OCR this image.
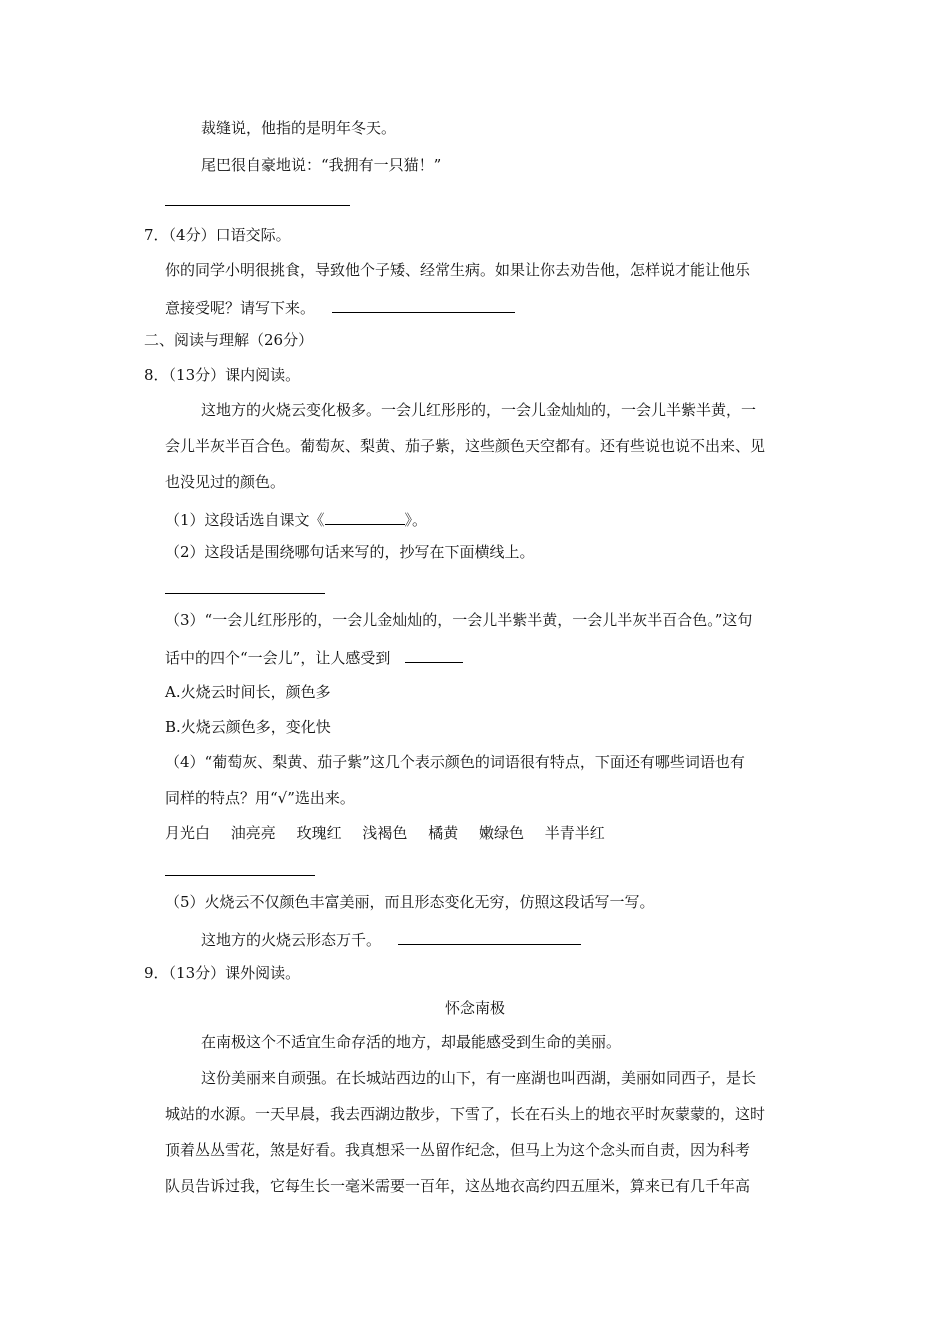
裁缝说，他指的是明年冬天。
尾巴很自豪地说：“我拥有一只猫！”
7．（4分）口语交际。
你的同学小明很挑食，导致他个子矮、经常生病。如果让你去劝告他，怎样说才能让他乐
意接受呢？请写下来。
二、阅读与理解（26分）
8．（13分）课内阅读。
这地方的火烧云变化极多。一会儿红彤彤的，一会儿金灿灿的，一会儿半紫半黄，一
会儿半灰半百合色。葡萄灰、梨黄、茄子紫，这些颜色天空都有。还有些说也说不出来、见
也没见过的颜色。
（1）这段话选自课文《	》。
（2）这段话是围绕哪句话来写的，抄写在下面横线上。
（3）“一会儿红彤彤的，一会儿金灿灿的，一会儿半紫半黄，一会儿半灰半百合色。”这句
话中的四个“一会儿”，让人感受到
A.火烧云时间长，颜色多
B.火烧云颜色多，变化快
（4）“葡萄灰、梨黄、茄子紫”这几个表示颜色的词语很有特点，下面还有哪些词语也有
同样的特点？用“√”选出来。
月光白 油亮亮 玫瑰红 浅褐色 橘黄 嫩绿色 半青半红
（5）火烧云不仅颜色丰富美丽，而且形态变化无穷，仿照这段话写一写。
这地方的火烧云形态万千。
9．（13分）课外阅读。
怀念南极
在南极这个不适宜生命存活的地方，却最能感受到生命的美丽。
这份美丽来自顽强。在长城站西边的山下，有一座湖也叫西湖，美丽如同西子，是长
城站的水源。一天早晨，我去西湖边散步，下雪了，长在石头上的地衣平时灰蒙蒙的，这时
顶着丛丛雪花，煞是好看。我真想采一丛留作纪念，但马上为这个念头而自责，因为科考
队员告诉过我，它每生长一毫米需要一百年，这丛地衣高约四五厘米，算来已有几千年高
